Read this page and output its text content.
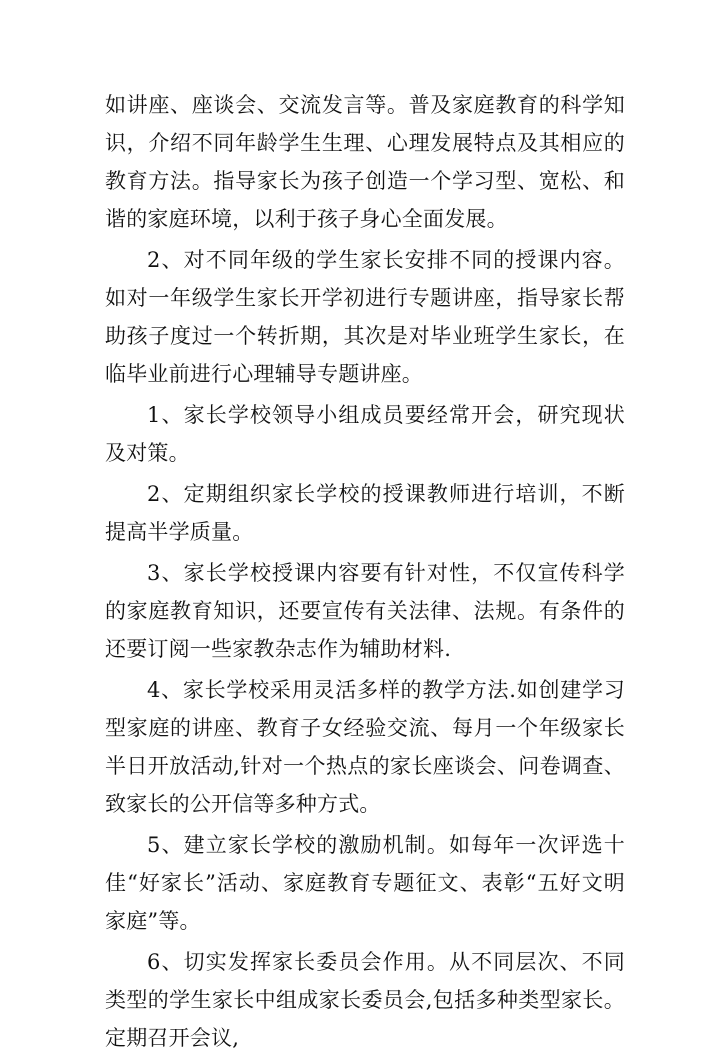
如讲座、座谈会、交流发言等。普及家庭教育的科学知识，介绍不同年龄学生生理、心理发展特点及其相应的教育方法。指导家长为孩子创造一个学习型、宽松、和谐的家庭环境，以利于孩子身心全面发展。

2、对不同年级的学生家长安排不同的授课内容。如对一年级学生家长开学初进行专题讲座，指导家长帮助孩子度过一个转折期，其次是对毕业班学生家长，在临毕业前进行心理辅导专题讲座。

1、家长学校领导小组成员要经常开会，研究现状及对策。

2、定期组织家长学校的授课教师进行培训，不断提高半学质量。

3、家长学校授课内容要有针对性，不仅宣传科学的家庭教育知识，还要宣传有关法律、法规。有条件的还要订阅一些家教杂志作为辅助材料.

4、家长学校采用灵活多样的教学方法.如创建学习型家庭的讲座、教育子女经验交流、每月一个年级家长半日开放活动,针对一个热点的家长座谈会、问卷调查、致家长的公开信等多种方式。

5、建立家长学校的激励机制。如每年一次评选十佳“好家长”活动、家庭教育专题征文、表彰“五好文明家庭”等。

6、切实发挥家长委员会作用。从不同层次、不同类型的学生家长中组成家长委员会,包括多种类型家长。定期召开会议,
